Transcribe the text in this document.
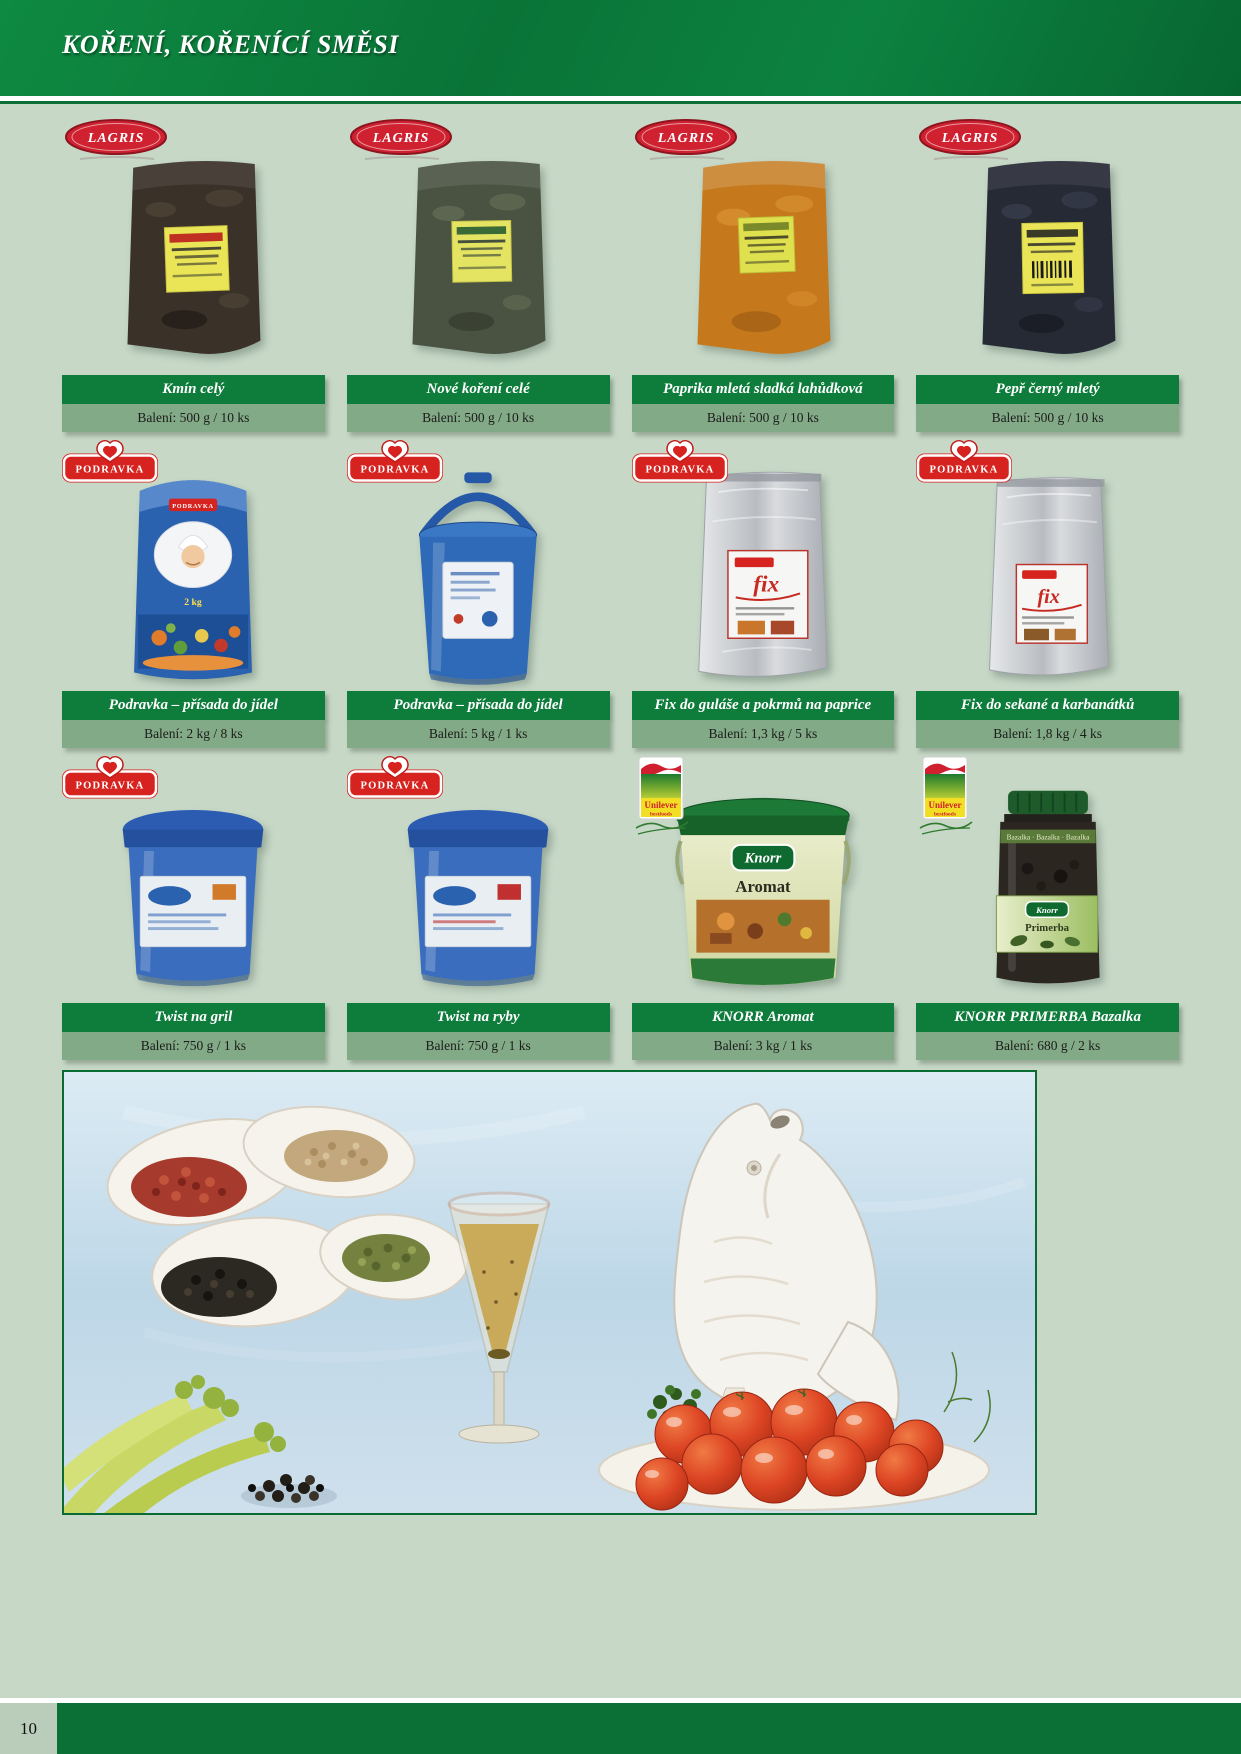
KOŘENÍ, KOŘENÍCÍ SMĚSI
Kmín celý
Balení: 500 g / 10 ks
Nové koření celé
Balení: 500 g / 10 ks
Paprika mletá sladká lahůdková
Balení: 500 g / 10 ks
Pepř černý mletý
Balení: 500 g / 10 ks
PODRAVKA
2 kg
Podravka – přísada do jídel
Balení: 2 kg / 8 ks
Podravka – přísada do jídel
Balení: 5 kg / 1 ks
fix
Fix do guláše a pokrmů na paprice
Balení: 1,3 kg / 5 ks
fix
Fix do sekané a karbanátků
Balení: 1,8 kg / 4 ks
Twist na gril
Balení: 750 g / 1 ks
Twist na ryby
Balení: 750 g / 1 ks
Knorr
Aromat
KNORR Aromat
Balení: 3 kg / 1 ks
Bazalka · Bazalka · Bazalka
Knorr
Primerba
KNORR PRIMERBA Bazalka
Balení: 680 g / 2 ks
10
